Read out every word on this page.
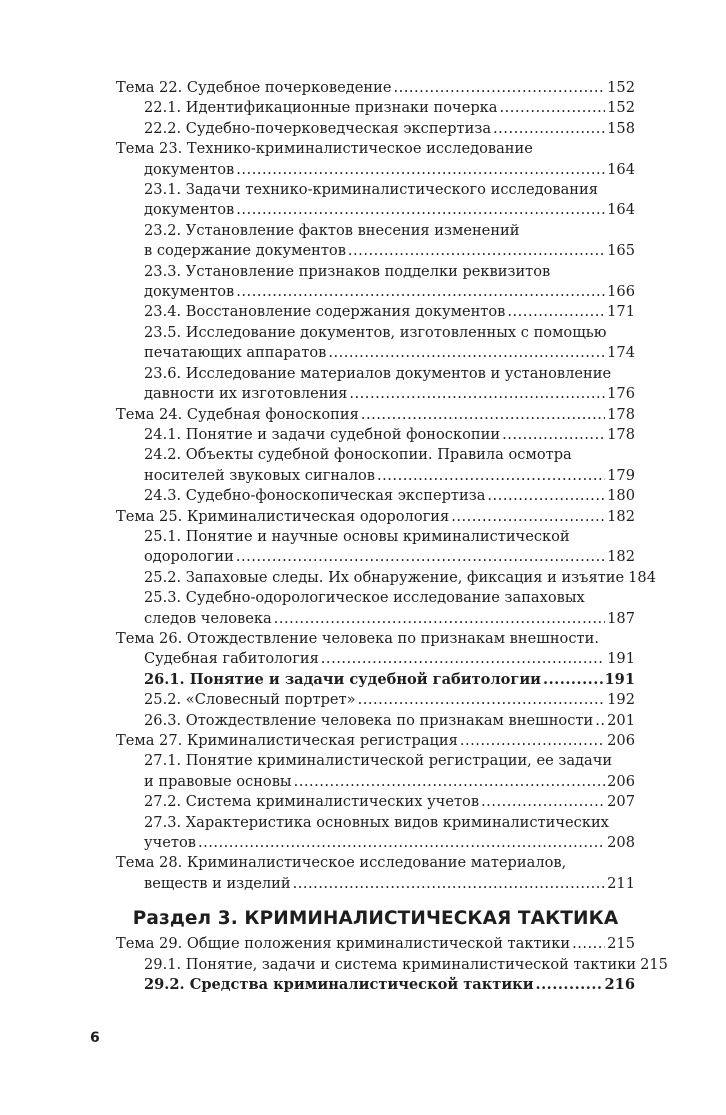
Тема 22. Судебное почерковедение .....	152
22.1. Идентификационные признаки почерка .....	152
22.2. Судебно-почерковедческая экспертиза .....	158
Тема 23. Технико-криминалистическое исследование
документов .....	164
23.1. Задачи технико-криминалистического исследования
документов .....	164
23.2. Установление фактов внесения изменений
в содержание документов .....	165
23.3. Установление признаков подделки реквизитов
документов .....	166
23.4. Восстановление содержания документов .....	171
23.5. Исследование документов, изготовленных с помощью
печатающих аппаратов .....	174
23.6. Исследование материалов документов и установление
давности их изготовления .....	176
Тема 24. Судебная фоноскопия .....	178
24.1. Понятие и задачи судебной фоноскопии .....	178
24.2. Объекты судебной фоноскопии. Правила осмотра
носителей звуковых сигналов .....	179
24.3. Судебно-фоноскопическая экспертиза .....	180
Тема 25. Криминалистическая одорология .....	182
25.1. Понятие и научные основы криминалистической
одорологии .....	182
25.2. Запаховые следы. Их обнаружение, фиксация и изъятие 184
25.3. Судебно-одорологическое исследование запаховых
следов человека .....	187
Тема 26. Отождествление человека по признакам внешности.
Судебная габитология .....	191
26.1. Понятие и задачи судебной габитологии .....	191
25.2. «Словесный портрет» .....	192
26.3. Отождествление человека по признакам внешности ..... 201
Тема 27. Криминалистическая регистрация .....	206
27.1. Понятие криминалистической регистрации, ее задачи
и правовые основы .....	206
27.2. Система криминалистических учетов .....	207
27.3. Характеристика основных видов криминалистических
учетов .....	208
Тема 28. Криминалистическое исследование материалов,
веществ и изделий .....	211
Раздел 3. КРИМИНАЛИСТИЧЕСКАЯ ТАКТИКА
Тема 29. Общие положения криминалистической тактики .....	215
29.1. Понятие, задачи и система криминалистической тактики 215
29.2. Средства криминалистической тактики .....	216
6
